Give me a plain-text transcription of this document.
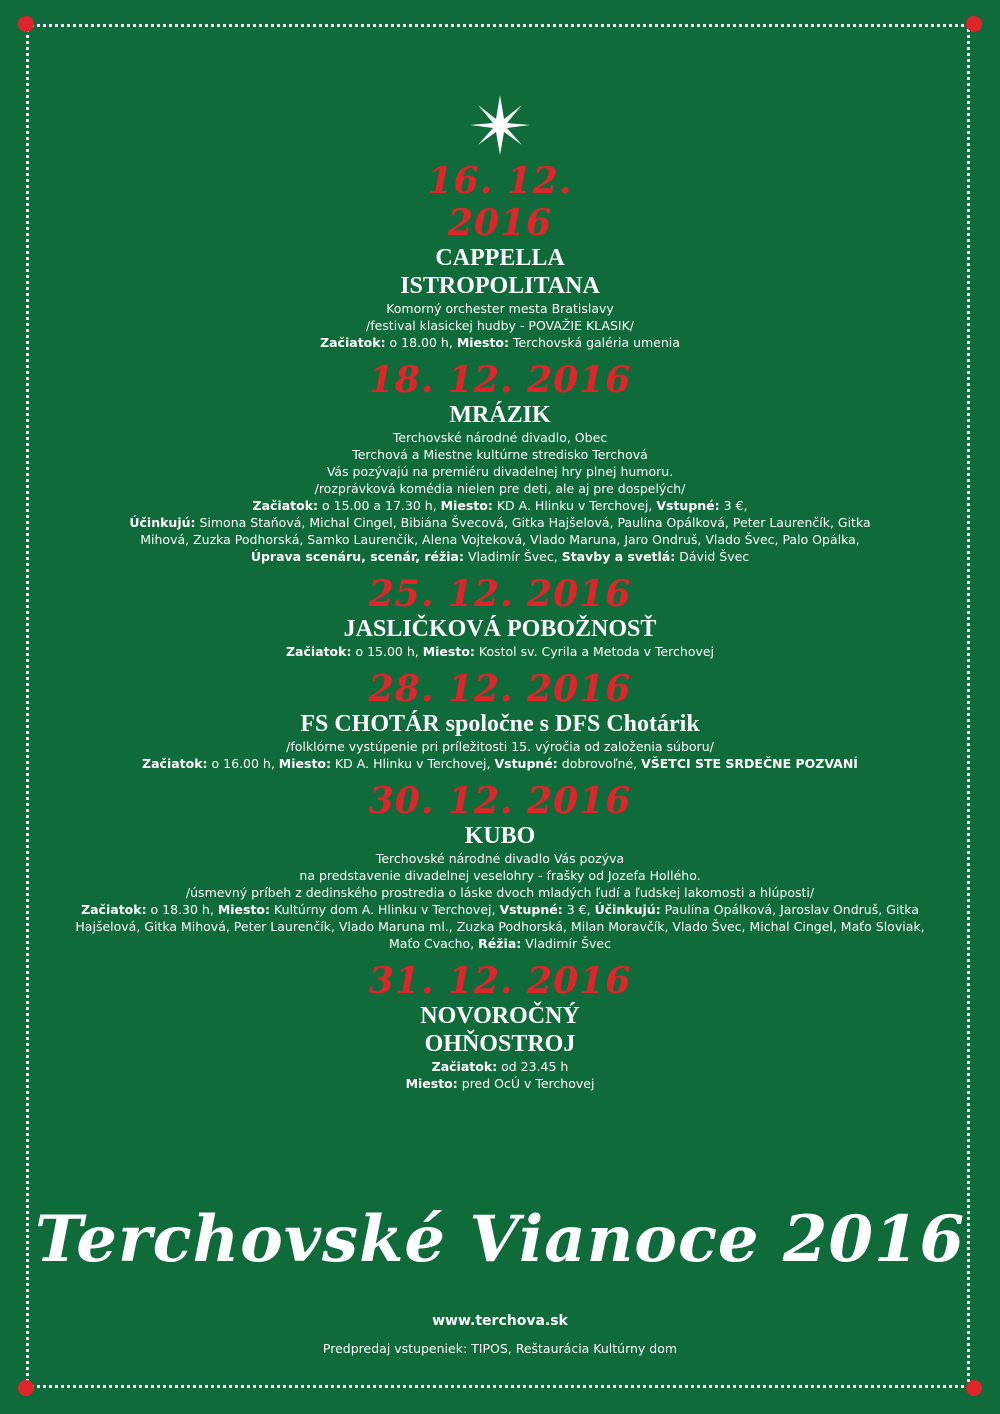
16. 12.
2016

CAPPELLA
ISTROPOLITANA

Komorný orchester mesta Bratislavy
/festival klasickej hudby - POVAŽIE KLASIK/

Začiatok: o 18.00 h, Miesto: Terchovská galéria umenia

18. 12. 2016

MRÁZIK

Terchovské národné divadlo, Obec
Terchová a Miestne kultúrne stredisko Terchová
Vás pozývajú na premiéru divadelnej hry plnej humoru.
/rozprávková komédia nielen pre deti, ale aj pre dospelých/

Začiatok: o 15.00 a 17.30 h, Miesto: KD A. Hlinku v Terchovej, Vstupné: 3 €,
Účinkujú: Simona Staňová, Michal Cingel, Bibiána Švecová, Gitka Hajšelová, Paulína Opálková, Peter Laurenčík, Gitka Mihová, Zuzka Podhorská, Samko Laurenčík, Alena Vojteková, Vlado Maruna, Jaro Ondruš, Vlado Švec, Palo Opálka, Úprava scenáru, scenár, réžia: Vladimír Švec, Stavby a svetlá: Dávid Švec

25. 12. 2016

JASLIČKOVÁ POBOŽNOSŤ

Začiatok: o 15.00 h, Miesto: Kostol sv. Cyrila a Metoda v Terchovej

28. 12. 2016

FS CHOTÁR spoločne s DFS Chotárik

/folklórne vystúpenie pri príležitosti 15. výročia od založenia súboru/

Začiatok: o 16.00 h, Miesto: KD A. Hlinku v Terchovej, Vstupné: dobrovoľné, VŠETCI STE SRDEČNE POZVANÍ

30. 12. 2016

KUBO

Terchovské národné divadlo Vás pozýva
na predstavenie divadelnej veselohry - frašky od Jozefa Hollého.
/úsmevný príbeh z dedinského prostredia o láske dvoch mladých ľudí a ľudskej lakomosti a hlúposti/

Začiatok: o 18.30 h, Miesto: Kultúrny dom A. Hlinku v Terchovej, Vstupné: 3 €, Účinkujú: Paulína Opálková, Jaroslav Ondruš, Gitka Hajšelová, Gitka Mihová, Peter Laurenčík, Vlado Maruna ml., Zuzka Podhorská, Milan Moravčík, Vlado Švec, Michal Cingel, Maťo Sloviak, Maťo Cvacho, Réžia: Vladimír Švec

31. 12. 2016

NOVOROČNÝ
OHŇOSTROJ

Začiatok: od 23.45 h
Miesto: pred OcÚ v Terchovej

Terchovské Vianoce 2016
www.terchova.sk
Predpredaj vstupeniek: TIPOS, Reštaurácia Kultúrny dom
